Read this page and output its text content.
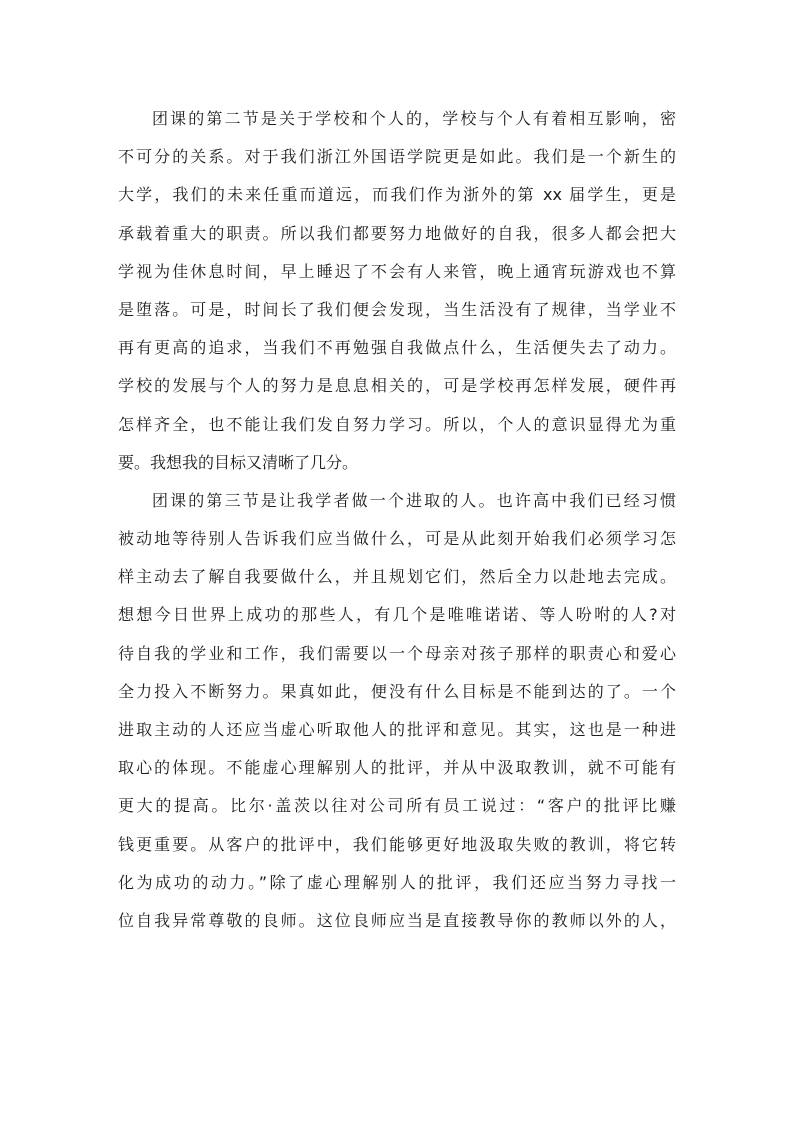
团课的第二节是关于学校和个人的，学校与个人有着相互影响，密
不可分的关系。对于我们浙江外国语学院更是如此。我们是一个新生的
大学，我们的未来任重而道远，而我们作为浙外的第 xx 届学生，更是
承载着重大的职责。所以我们都要努力地做好的自我，很多人都会把大
学视为佳休息时间，早上睡迟了不会有人来管，晚上通宵玩游戏也不算
是堕落。可是，时间长了我们便会发现，当生活没有了规律，当学业不
再有更高的追求，当我们不再勉强自我做点什么，生活便失去了动力。
学校的发展与个人的努力是息息相关的，可是学校再怎样发展，硬件再
怎样齐全，也不能让我们发自努力学习。所以，个人的意识显得尤为重
要。我想我的目标又清晰了几分。
团课的第三节是让我学者做一个进取的人。也许高中我们已经习惯
被动地等待别人告诉我们应当做什么，可是从此刻开始我们必须学习怎
样主动去了解自我要做什么，并且规划它们，然后全力以赴地去完成。
想想今日世界上成功的那些人，有几个是唯唯诺诺、等人吩咐的人?对
待自我的学业和工作，我们需要以一个母亲对孩子那样的职责心和爱心
全力投入不断努力。果真如此，便没有什么目标是不能到达的了。一个
进取主动的人还应当虚心听取他人的批评和意见。其实，这也是一种进
取心的体现。不能虚心理解别人的批评，并从中汲取教训，就不可能有
更大的提高。比尔·盖茨以往对公司所有员工说过：“客户的批评比赚
钱更重要。从客户的批评中，我们能够更好地汲取失败的教训，将它转
化为成功的动力。”除了虚心理解别人的批评，我们还应当努力寻找一
位自我异常尊敬的良师。这位良师应当是直接教导你的教师以外的人，
